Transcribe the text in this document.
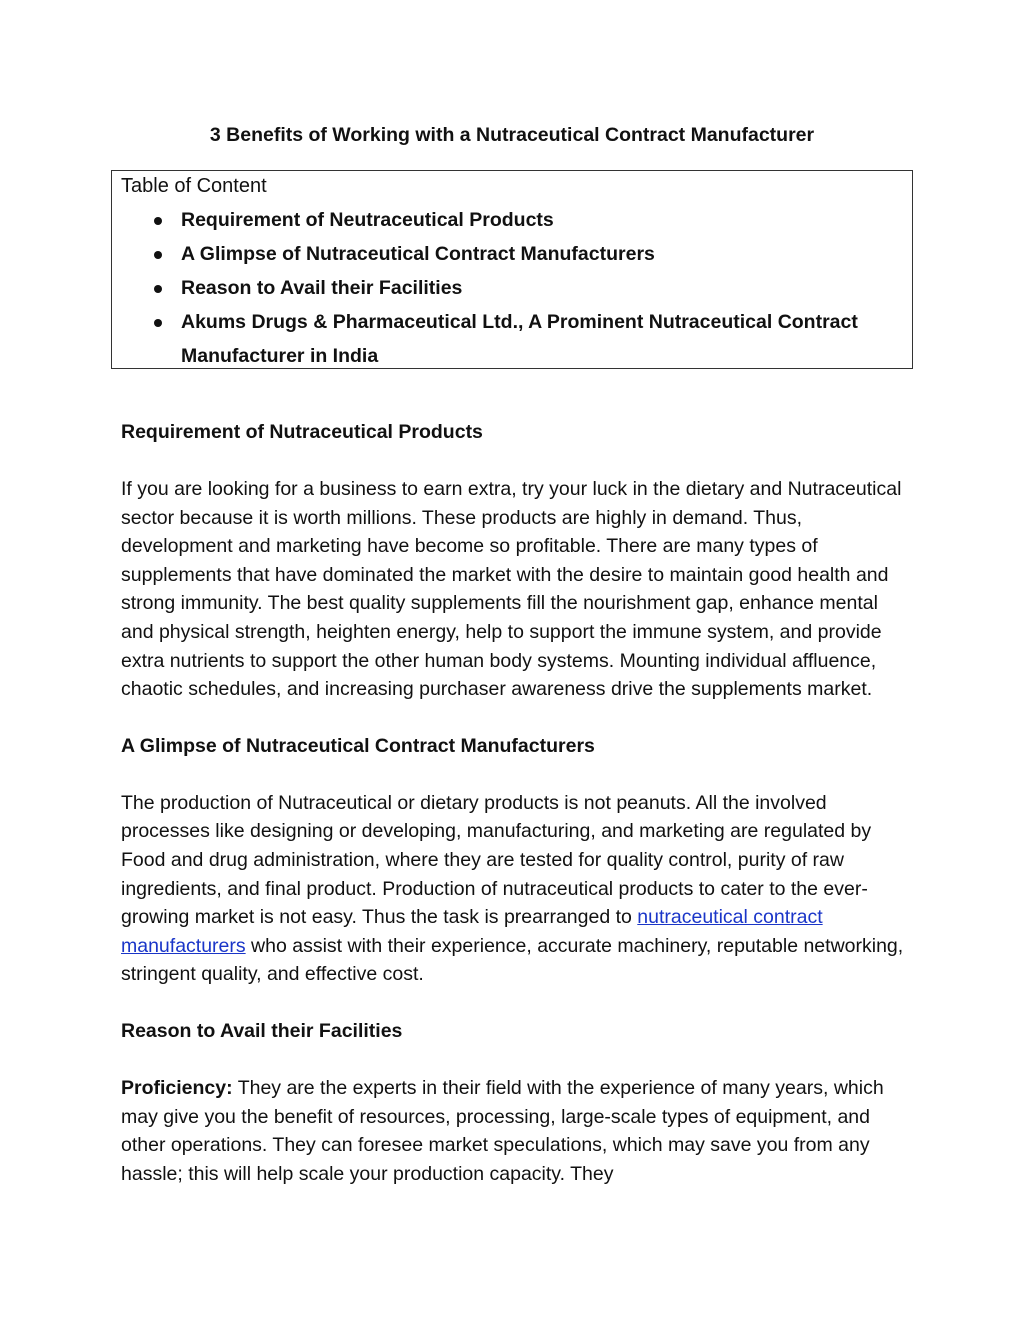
3 Benefits of Working with a Nutraceutical Contract Manufacturer

Table of Content

Requirement of Neutraceutical Products
A Glimpse of Nutraceutical Contract Manufacturers
Reason to Avail their Facilities
Akums Drugs & Pharmaceutical Ltd., A Prominent Nutraceutical Contract Manufacturer in India
Requirement of Nutraceutical Products

If you are looking for a business to earn extra, try your luck in the dietary and Nutraceutical sector because it is worth millions. These products are highly in demand. Thus, development and marketing have become so profitable. There are many types of supplements that have dominated the market with the desire to maintain good health and strong immunity. The best quality supplements fill the nourishment gap, enhance mental and physical strength, heighten energy, help to support the immune system, and provide extra nutrients to support the other human body systems. Mounting individual affluence, chaotic schedules, and increasing purchaser awareness drive the supplements market.

A Glimpse of Nutraceutical Contract Manufacturers

The production of Nutraceutical or dietary products is not peanuts. All the involved processes like designing or developing, manufacturing, and marketing are regulated by Food and drug administration, where they are tested for quality control, purity of raw ingredients, and final product. Production of nutraceutical products to cater to the ever-growing market is not easy. Thus the task is prearranged to nutraceutical contract manufacturers who assist with their experience, accurate machinery, reputable networking, stringent quality, and effective cost.

Reason to Avail their Facilities

Proficiency: They are the experts in their field with the experience of many years, which may give you the benefit of resources, processing, large-scale types of equipment, and other operations. They can foresee market speculations, which may save you from any hassle; this will help scale your production capacity. They
